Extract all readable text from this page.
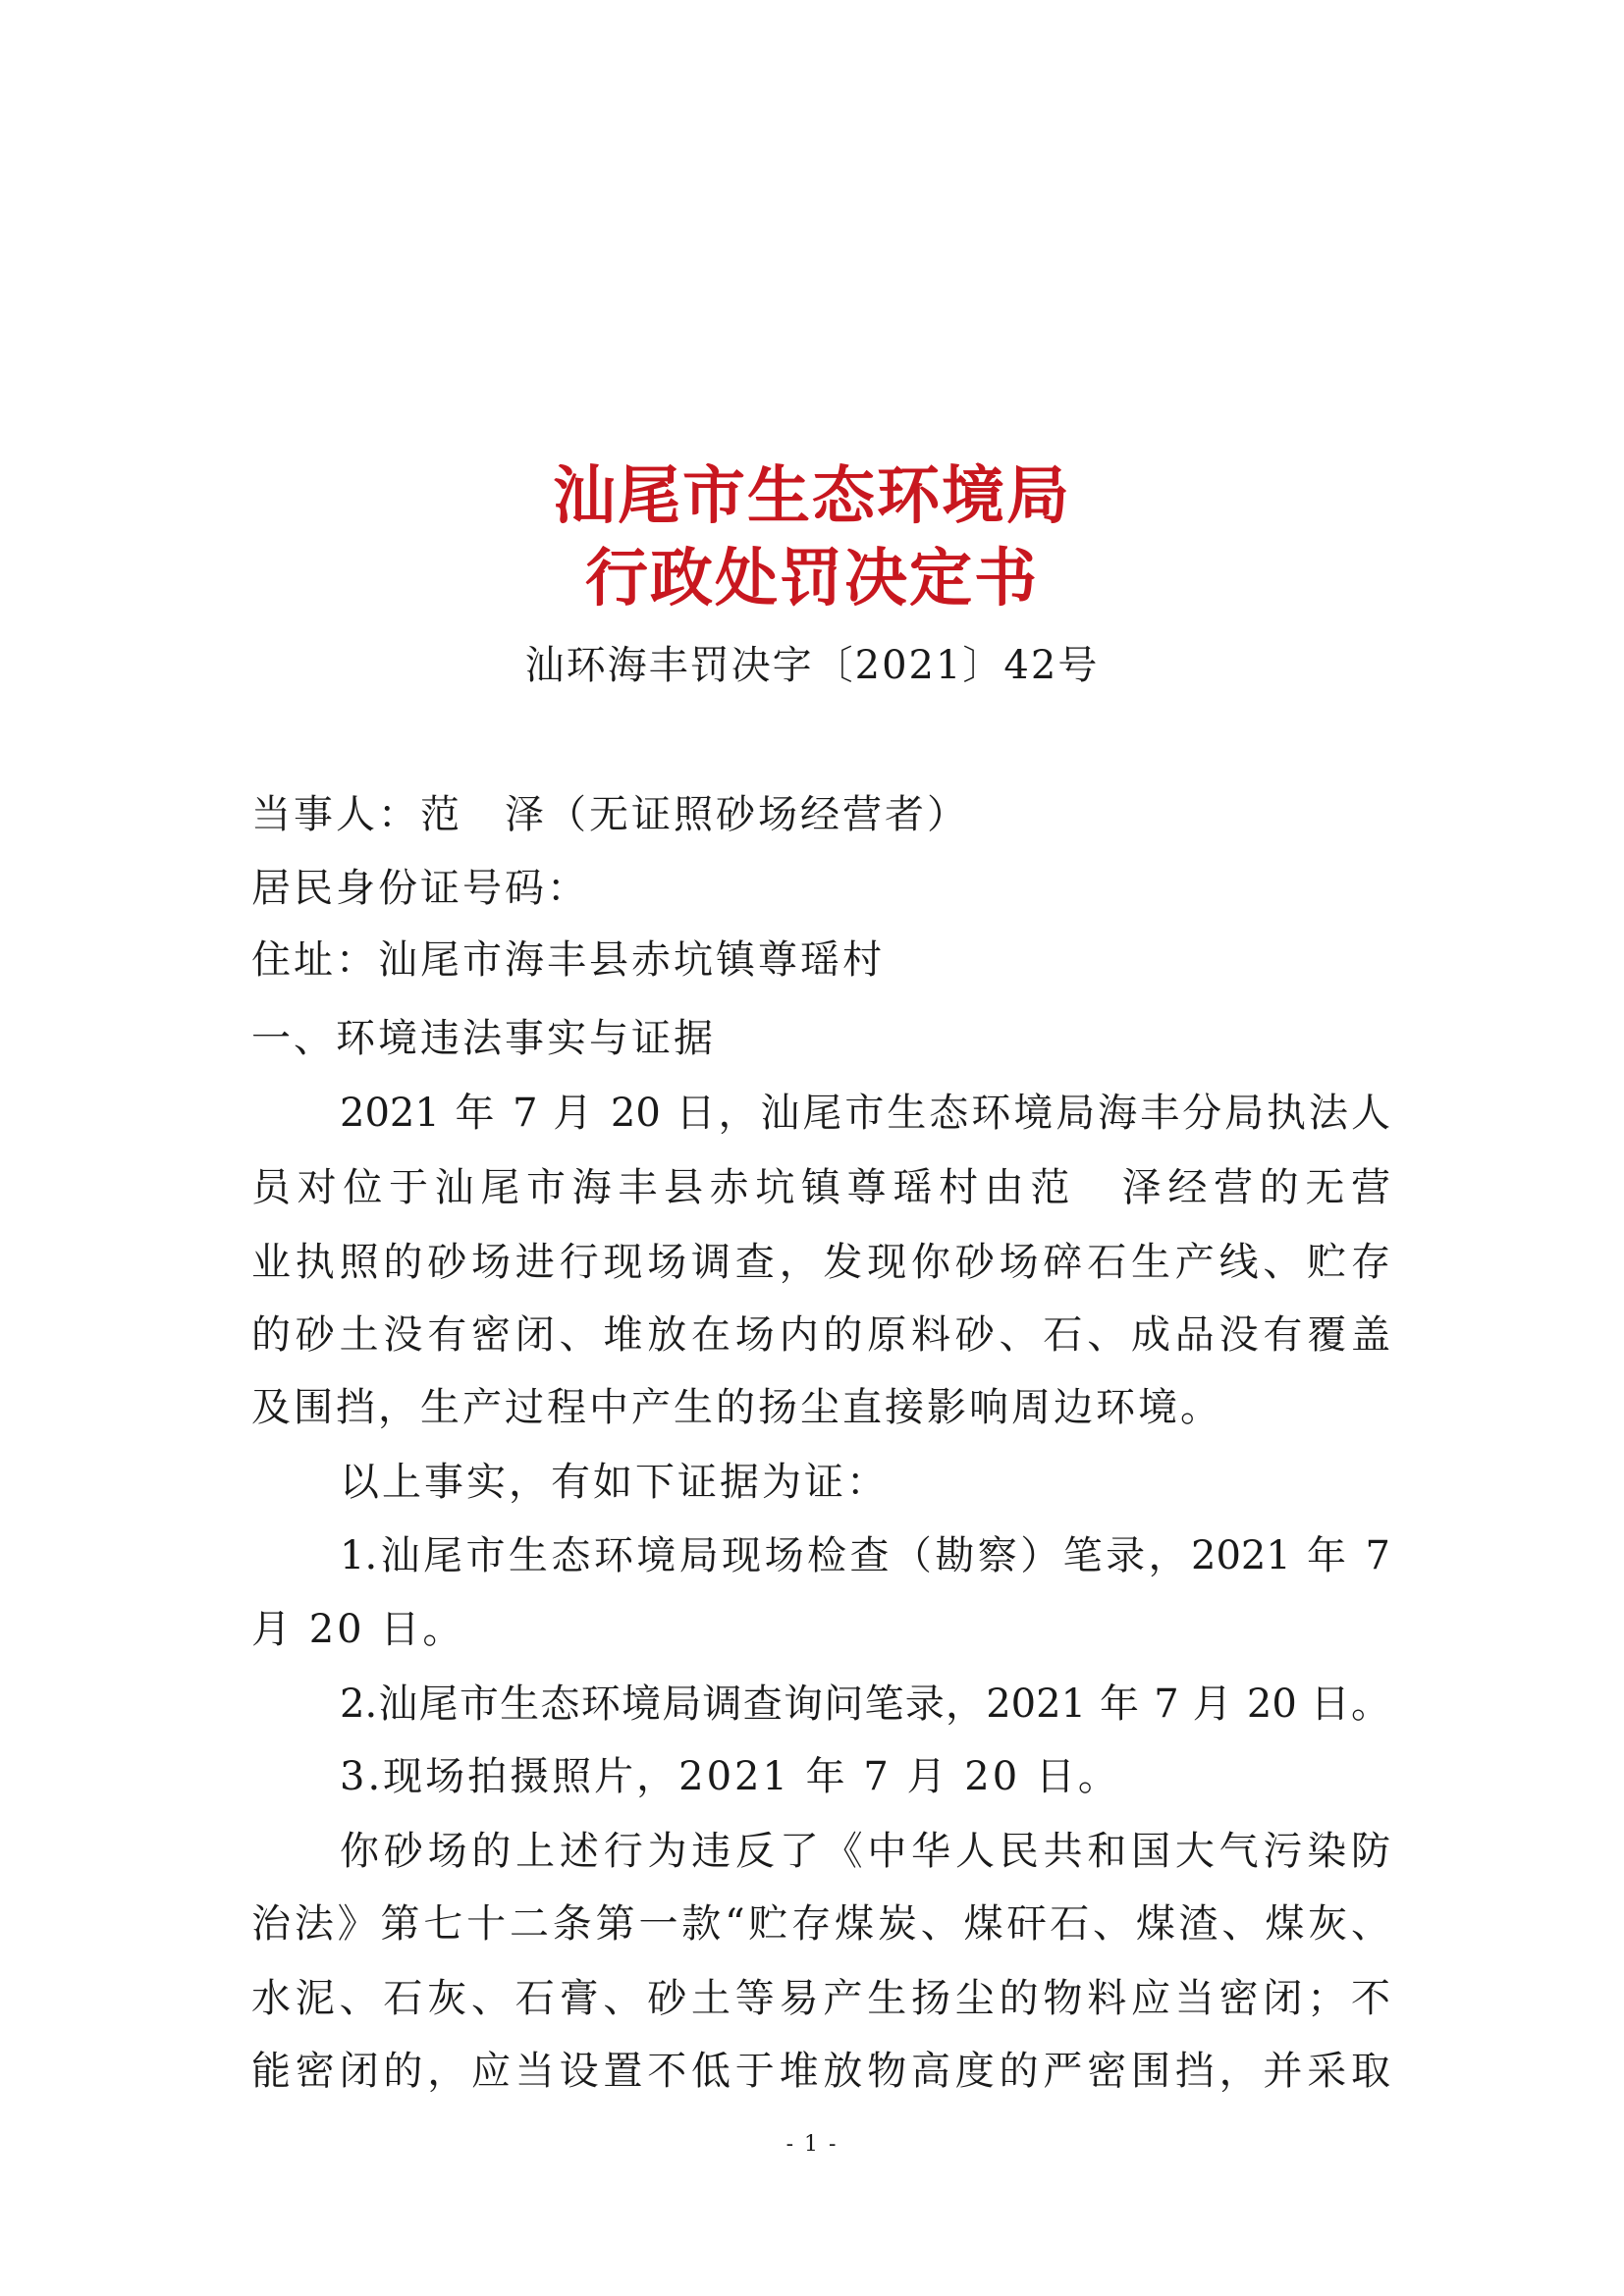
汕尾市生态环境局
行政处罚决定书
汕环海丰罚决字〔2021〕42号
当事人：范　泽（无证照砂场经营者）
居民身份证号码：
住址：汕尾市海丰县赤坑镇尊瑶村
一、环境违法事实与证据
2021 年 7 月 20 日，汕尾市生态环境局海丰分局执法人
员对位于汕尾市海丰县赤坑镇尊瑶村由范　泽经营的无营
业执照的砂场进行现场调查，发现你砂场碎石生产线、贮存
的砂土没有密闭、堆放在场内的原料砂、石、成品没有覆盖
及围挡，生产过程中产生的扬尘直接影响周边环境。
以上事实，有如下证据为证：
1.汕尾市生态环境局现场检查（勘察）笔录，2021 年 7
月 20 日。
2.汕尾市生态环境局调查询问笔录，2021 年 7 月 20 日。
3.现场拍摄照片，2021 年 7 月 20 日。
你砂场的上述行为违反了《中华人民共和国大气污染防
治法》第七十二条第一款“贮存煤炭、煤矸石、煤渣、煤灰、
水泥、石灰、石膏、砂土等易产生扬尘的物料应当密闭；不
能密闭的，应当设置不低于堆放物高度的严密围挡，并采取
- 1 -
